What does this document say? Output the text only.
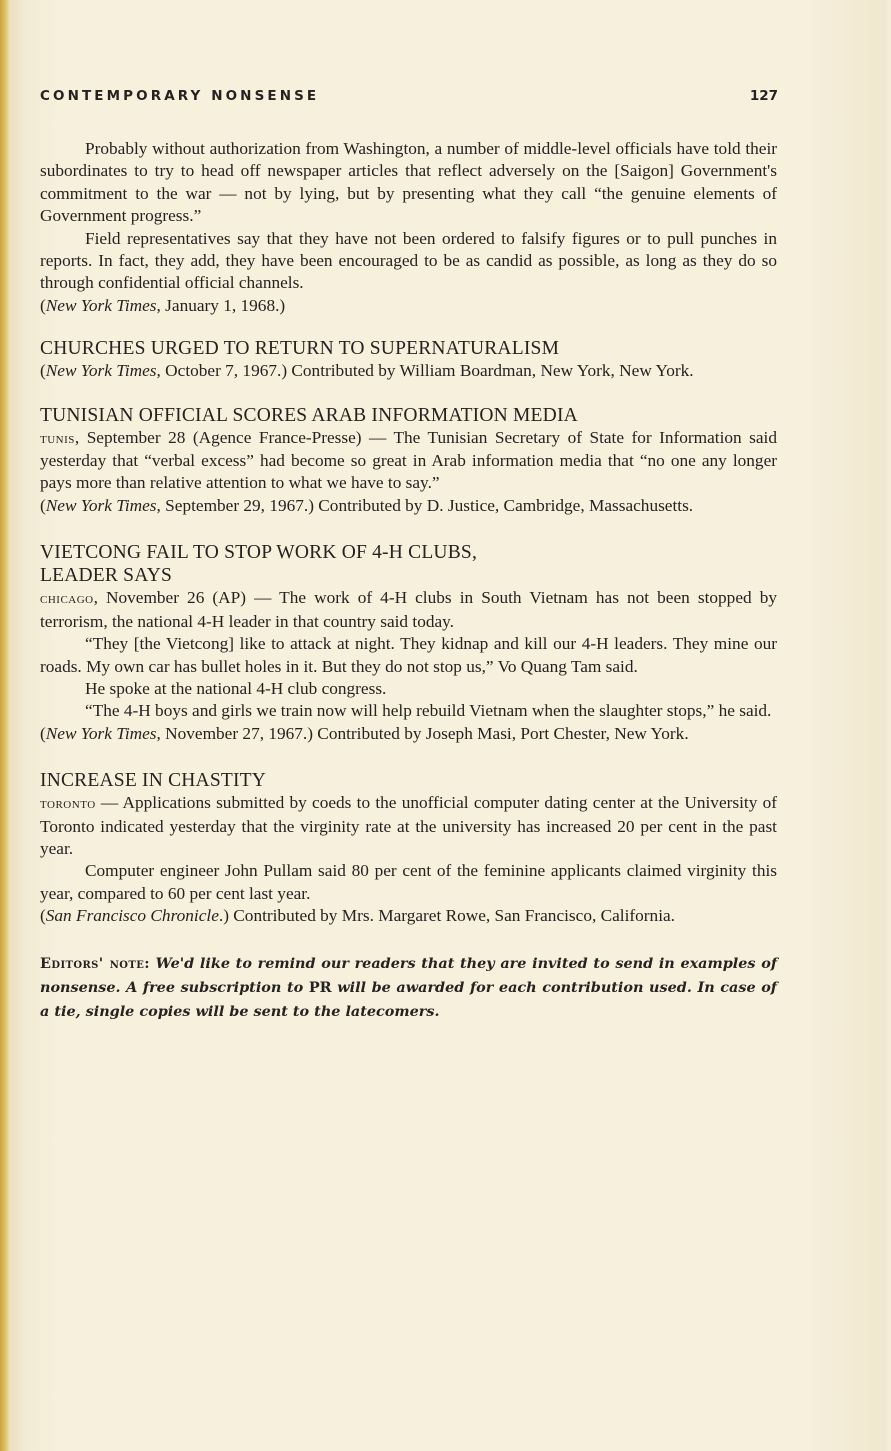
CONTEMPORARY NONSENSE	127

Probably without authorization from Washington, a number of middle-level officials have told their subordinates to try to head off newspaper articles that reflect adversely on the [Saigon] Government's commitment to the war — not by lying, but by presenting what they call “the genuine elements of Government progress.”

Field representatives say that they have not been ordered to falsify figures or to pull punches in reports. In fact, they add, they have been encouraged to be as candid as possible, as long as they do so through confidential official channels.

(New York Times, January 1, 1968.)

CHURCHES URGED TO RETURN TO SUPERNATURALISM

(New York Times, October 7, 1967.) Contributed by William Boardman, New York, New York.

TUNISIAN OFFICIAL SCORES ARAB INFORMATION MEDIA

tunis, September 28 (Agence France-Presse) — The Tunisian Secretary of State for Information said yesterday that “verbal excess” had become so great in Arab information media that “no one any longer pays more than relative attention to what we have to say.”

(New York Times, September 29, 1967.) Contributed by D. Justice, Cambridge, Massachusetts.

VIETCONG FAIL TO STOP WORK OF 4-H CLUBS,
LEADER SAYS

chicago, November 26 (AP) — The work of 4-H clubs in South Vietnam has not been stopped by terrorism, the national 4-H leader in that country said today.

“They [the Vietcong] like to attack at night. They kidnap and kill our 4-H leaders. They mine our roads. My own car has bullet holes in it. But they do not stop us,” Vo Quang Tam said.

He spoke at the national 4-H club congress.

“The 4-H boys and girls we train now will help rebuild Vietnam when the slaughter stops,” he said.

(New York Times, November 27, 1967.) Contributed by Joseph Masi, Port Chester, New York.

INCREASE IN CHASTITY

toronto — Applications submitted by coeds to the unofficial computer dating center at the University of Toronto indicated yesterday that the virginity rate at the university has increased 20 per cent in the past year.

Computer engineer John Pullam said 80 per cent of the feminine applicants claimed virginity this year, compared to 60 per cent last year.

(San Francisco Chronicle.) Contributed by Mrs. Margaret Rowe, San Francisco, California.

Editors' note: We'd like to remind our readers that they are invited to send in examples of nonsense. A free subscription to PR will be awarded for each contribution used. In case of a tie, single copies will be sent to the latecomers.
